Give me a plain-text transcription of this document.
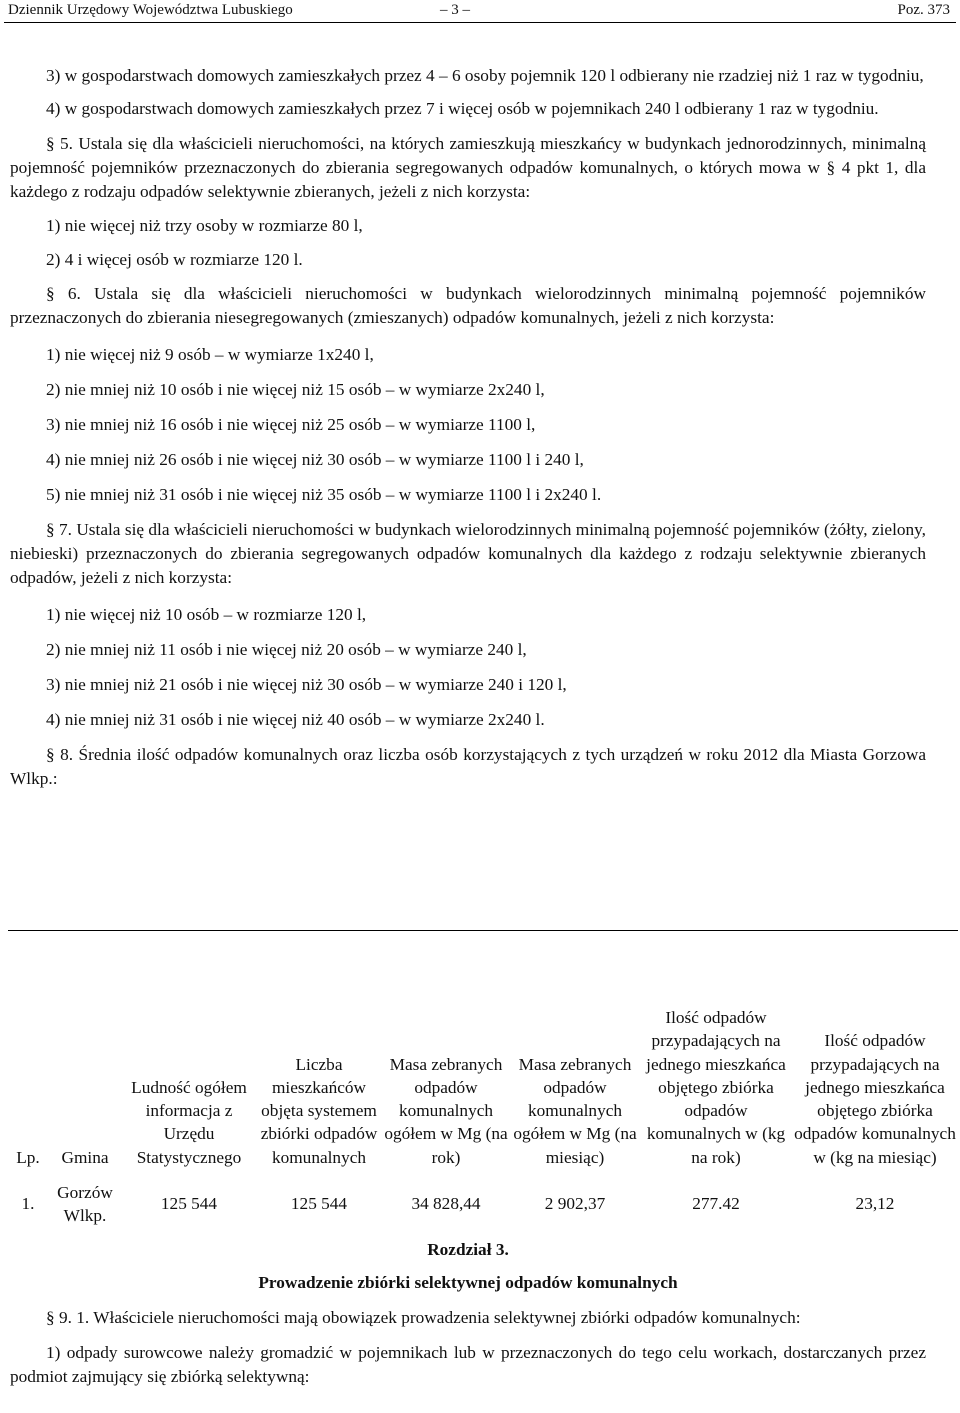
Dziennik Urzędowy Województwa Lubuskiego	– 3 –	Poz. 373

3) w gospodarstwach domowych zamieszkałych przez 4 – 6 osoby pojemnik 120 l odbierany nie rzadziej niż 1 raz w tygodniu,

4) w gospodarstwach domowych zamieszkałych przez 7 i więcej osób w pojemnikach 240 l odbierany 1 raz w tygodniu.

§ 5. Ustala się dla właścicieli nieruchomości, na których zamieszkują mieszkańcy w budynkach jednorodzinnych, minimalną pojemność pojemników przeznaczonych do zbierania segregowanych odpadów komunalnych, o których mowa w § 4 pkt 1, dla każdego z rodzaju odpadów selektywnie zbieranych, jeżeli z nich korzysta:

1) nie więcej niż trzy osoby w rozmiarze 80 l,

2) 4 i więcej osób w rozmiarze 120 l.

§ 6. Ustala się dla właścicieli nieruchomości w budynkach wielorodzinnych minimalną pojemność pojemników przeznaczonych do zbierania niesegregowanych (zmieszanych) odpadów komunalnych, jeżeli z nich korzysta:

1) nie więcej niż 9 osób – w wymiarze 1x240 l,

2) nie mniej niż 10 osób i nie więcej niż 15 osób – w wymiarze 2x240 l,

3) nie mniej niż 16 osób i nie więcej niż 25 osób – w wymiarze 1100 l,

4) nie mniej niż 26 osób i nie więcej niż 30 osób – w wymiarze 1100 l i 240 l,

5) nie mniej niż 31 osób i nie więcej niż 35 osób – w wymiarze 1100 l i 2x240 l.

§ 7. Ustala się dla właścicieli nieruchomości w budynkach wielorodzinnych minimalną pojemność pojemników (żółty, zielony, niebieski) przeznaczonych do zbierania segregowanych odpadów komunalnych dla każdego z rodzaju selektywnie zbieranych odpadów, jeżeli z nich korzysta:

1) nie więcej niż 10 osób – w rozmiarze 120 l,

2) nie mniej niż 11 osób i nie więcej niż 20 osób – w wymiarze 240 l,

3) nie mniej niż 21 osób i nie więcej niż 30 osób – w wymiarze 240 i 120 l,

4) nie mniej niż 31 osób i nie więcej niż 40 osób – w wymiarze 2x240 l.

§ 8. Średnia ilość odpadów komunalnych oraz liczba osób korzystających z tych urządzeń w roku 2012 dla Miasta Gorzowa Wlkp.:

Lp.	Gmina	Ludność ogółem informacja z Urzędu Statystycznego	Liczba mieszkańców objęta systemem zbiórki odpadów komunalnych	Masa zebranych odpadów komunalnych ogółem w Mg (na rok)	Masa zebranych odpadów komunalnych ogółem w Mg (na miesiąc)	Ilość odpadów przypadających na jednego mieszkańca objętego zbiórka odpadów komunalnych w (kg na rok)	Ilość odpadów przypadających na jednego mieszkańca objętego zbiórka odpadów komunalnych w (kg na miesiąc)
1.	Gorzów Wlkp.	125 544	125 544	34 828,44	2 902,37	277.42	23,12
Rozdział 3.
Prowadzenie zbiórki selektywnej odpadów komunalnych

§ 9. 1. Właściciele nieruchomości mają obowiązek prowadzenia selektywnej zbiórki odpadów komunalnych:

1) odpady surowcowe należy gromadzić w pojemnikach lub w przeznaczonych do tego celu workach, dostarczanych przez podmiot zajmujący się zbiórką selektywną:
